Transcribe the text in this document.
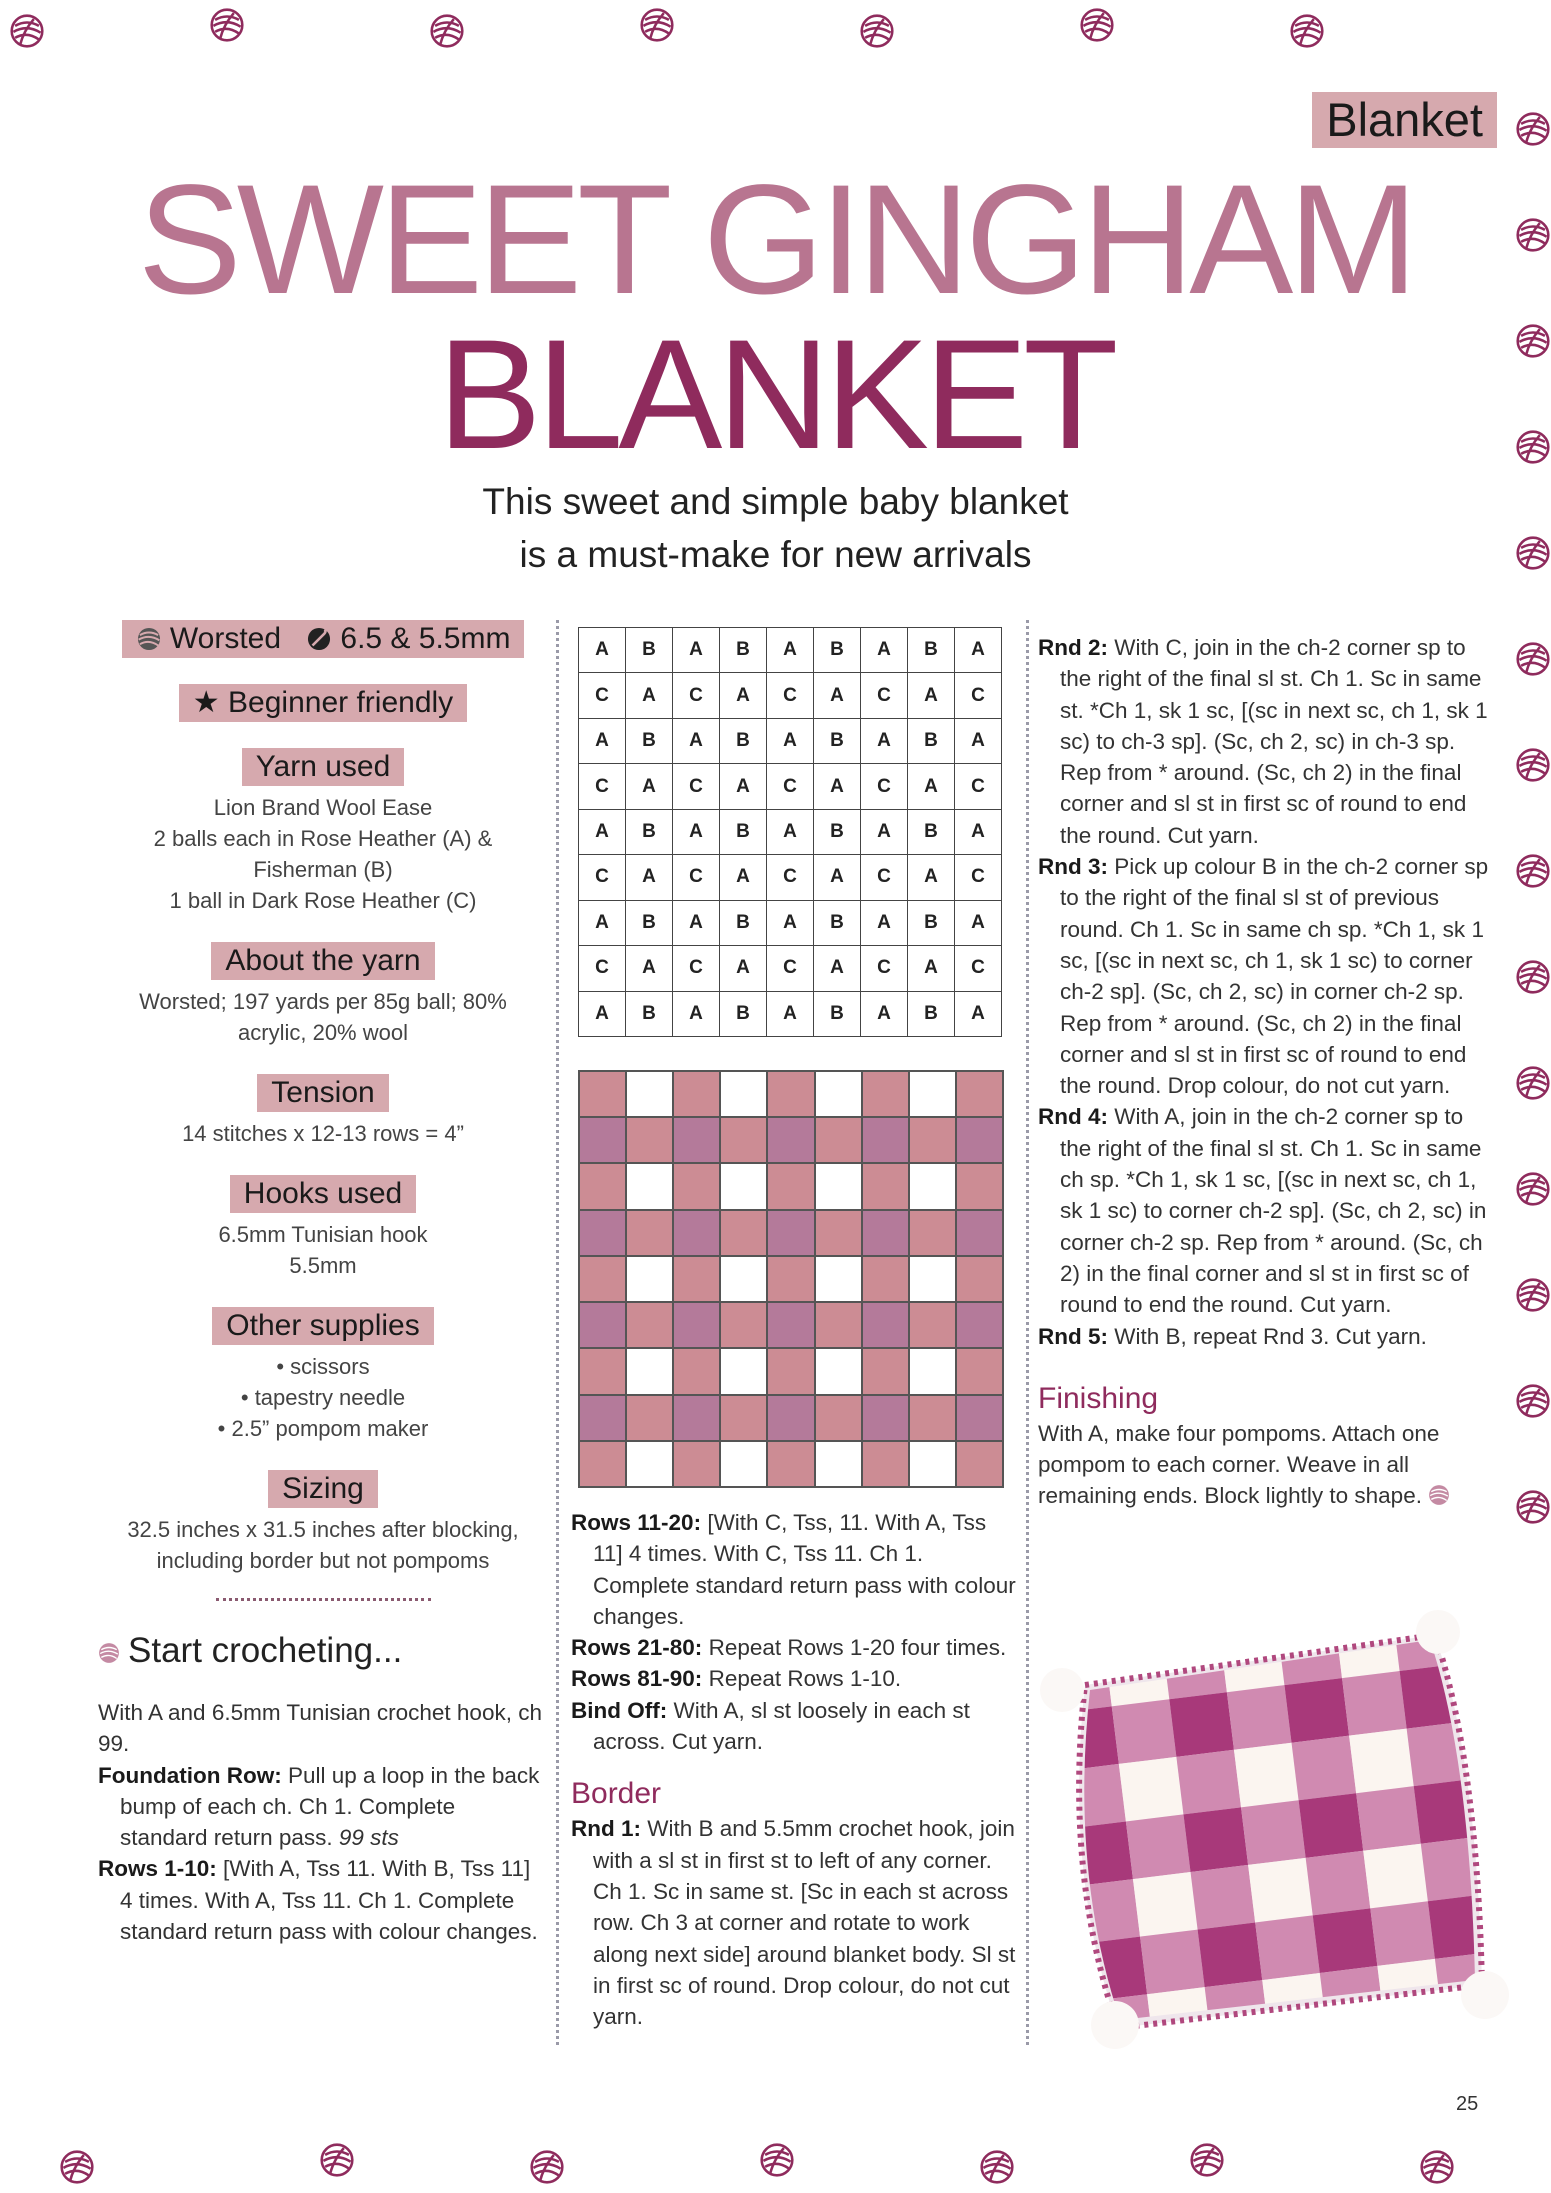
Blanket
SWEET GINGHAM
BLANKET
This sweet and simple baby blanket
is a must-make for new arrivals
Worsted 6.5 & 5.5mm
★ Beginner friendly
Yarn used
Lion Brand Wool Ease
2 balls each in Rose Heather (A) &
Fisherman (B)
1 ball in Dark Rose Heather (C)
About the yarn
Worsted; 197 yards per 85g ball; 80%
acrylic, 20% wool
Tension
14 stitches x 12-13 rows = 4”
Hooks used
6.5mm Tunisian hook
5.5mm
Other supplies
• scissors
• tapestry needle
• 2.5” pompom maker
Sizing
32.5 inches x 31.5 inches after blocking,
including border but not pompoms
Start crocheting...
With A and 6.5mm Tunisian crochet hook, ch 99.
Foundation Row: Pull up a loop in the back bump of each ch. Ch 1. Complete standard return pass. 99 sts
Rows 1-10: [With A, Tss 11. With B, Tss 11] 4 times. With A, Tss 11. Ch 1. Complete standard return pass with colour changes.
A	B	A	B	A	B	A	B	A
C	A	C	A	C	A	C	A	C
A	B	A	B	A	B	A	B	A
C	A	C	A	C	A	C	A	C
A	B	A	B	A	B	A	B	A
C	A	C	A	C	A	C	A	C
A	B	A	B	A	B	A	B	A
C	A	C	A	C	A	C	A	C
A	B	A	B	A	B	A	B	A
Rows 11-20: [With C, Tss, 11. With A, Tss 11] 4 times. With C, Tss 11. Ch 1. Complete standard return pass with colour changes.
Rows 21-80: Repeat Rows 1-20 four times.
Rows 81-90: Repeat Rows 1-10.
Bind Off: With A, sl st loosely in each st across. Cut yarn.
Border
Rnd 1: With B and 5.5mm crochet hook, join with a sl st in first st to left of any corner. Ch 1. Sc in same st. [Sc in each st across row. Ch 3 at corner and rotate to work along next side] around blanket body. Sl st in first sc of round. Drop colour, do not cut yarn.
Rnd 2: With C, join in the ch-2 corner sp to the right of the final sl st. Ch 1. Sc in same st. *Ch 1, sk 1 sc, [(sc in next sc, ch 1, sk 1 sc) to ch-3 sp]. (Sc, ch 2, sc) in ch-3 sp. Rep from * around. (Sc, ch 2) in the final corner and sl st in first sc of round to end the round. Cut yarn.
Rnd 3: Pick up colour B in the ch-2 corner sp to the right of the final sl st of previous round. Ch 1. Sc in same ch sp. *Ch 1, sk 1 sc, [(sc in next sc, ch 1, sk 1 sc) to corner ch-2 sp]. (Sc, ch 2, sc) in corner ch-2 sp. Rep from * around. (Sc, ch 2) in the final corner and sl st in first sc of round to end the round. Drop colour, do not cut yarn.
Rnd 4: With A, join in the ch-2 corner sp to the right of the final sl st. Ch 1. Sc in same ch sp. *Ch 1, sk 1 sc, [(sc in next sc, ch 1, sk 1 sc) to corner ch-2 sp]. (Sc, ch 2, sc) in corner ch-2 sp. Rep from * around. (Sc, ch 2) in the final corner and sl st in first sc of round to end the round. Cut yarn.
Rnd 5: With B, repeat Rnd 3. Cut yarn.
Finishing
With A, make four pompoms. Attach one pompom to each corner. Weave in all remaining ends. Block lightly to shape.
25
